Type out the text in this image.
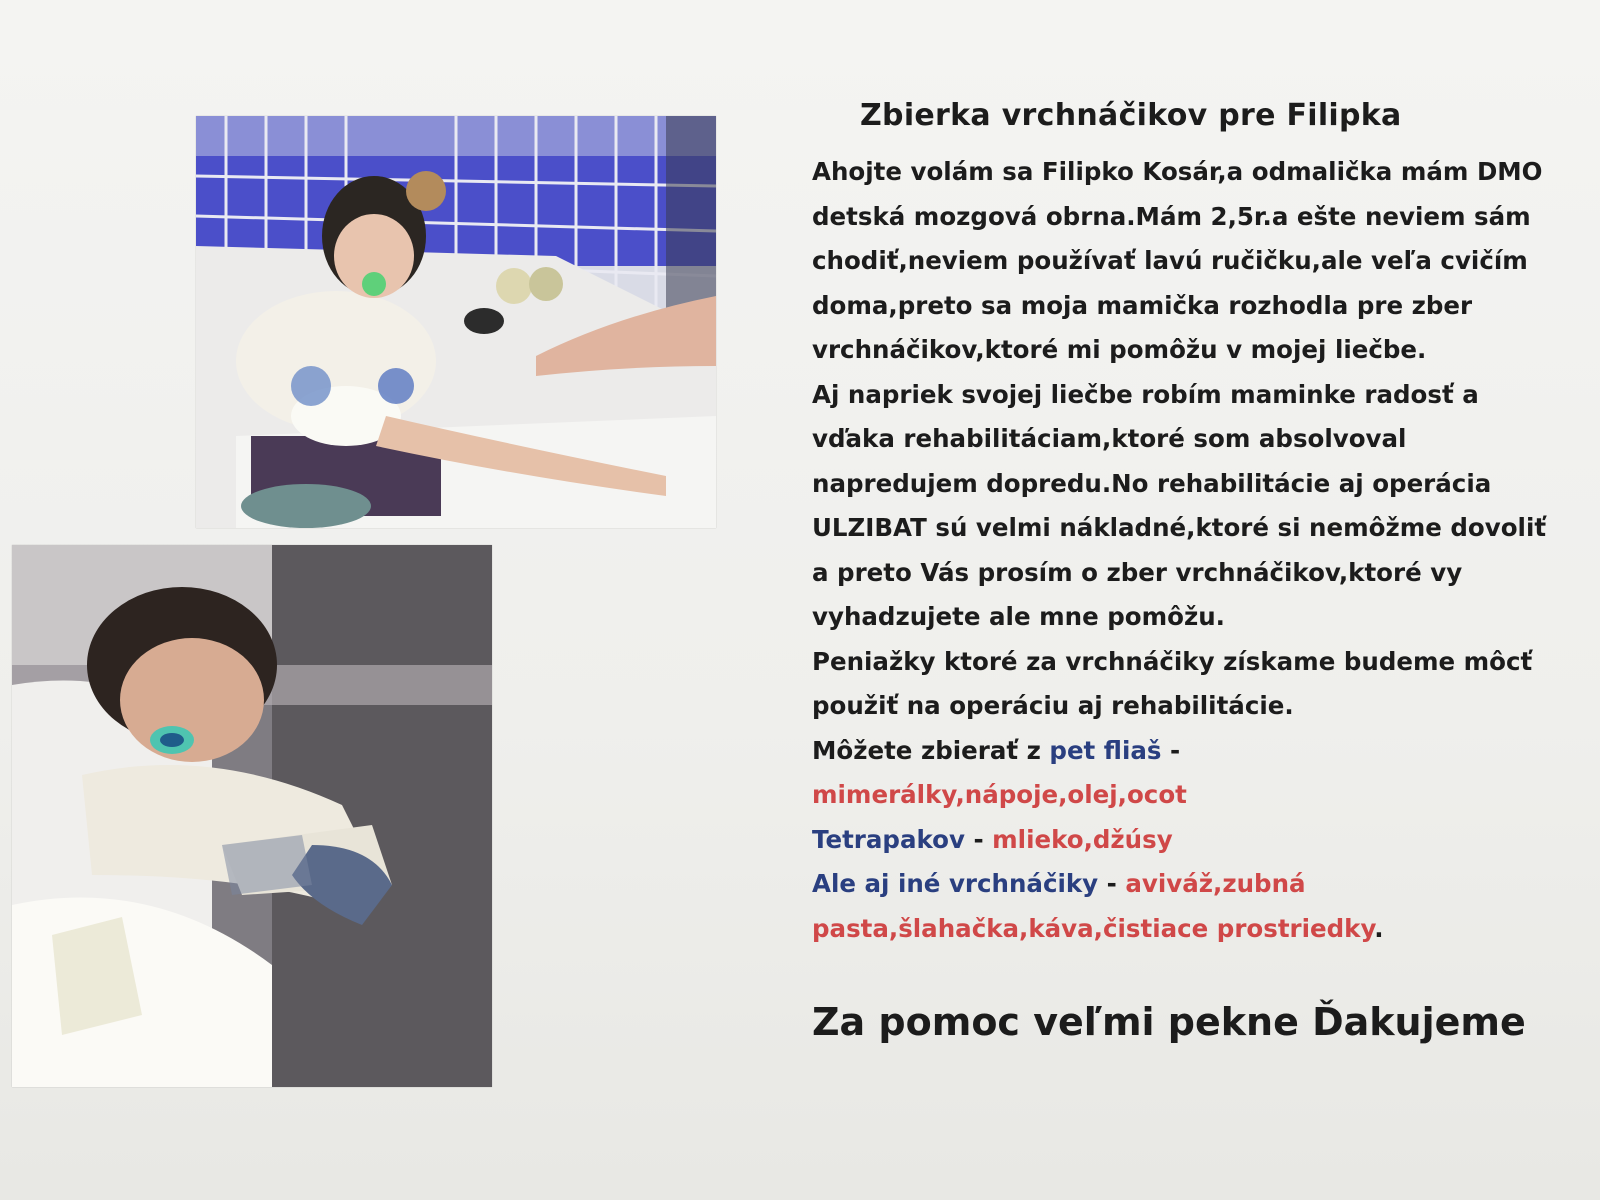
Zbierka vrchnáčikov pre Filipka
Ahojte volám sa Filipko Kosár,a odmalička mám DMO
detská mozgová obrna.Mám 2,5r.a ešte neviem sám
chodiť,neviem používať lavú ručičku,ale veľa cvičím
doma,preto sa moja mamička rozhodla pre zber
vrchnáčikov,ktoré mi pomôžu v mojej liečbe.
Aj napriek svojej liečbe robím maminke radosť a
vďaka rehabilitáciam,ktoré som absolvoval
napredujem dopredu.No rehabilitácie aj operácia
ULZIBAT sú velmi nákladné,ktoré si nemôžme dovoliť
a preto Vás prosím o zber vrchnáčikov,ktoré vy
vyhadzujete ale mne pomôžu.
Peniažky ktoré za vrchnáčiky získame budeme môcť
použiť na operáciu aj rehabilitácie.
Môžete zbierať z pet fliaš -
mimerálky,nápoje,olej,ocot
Tetrapakov - mlieko,džúsy
Ale aj iné vrchnáčiky - aviváž,zubná
pasta,šlahačka,káva,čistiace prostriedky.
Za pomoc veľmi pekne Ďakujeme
